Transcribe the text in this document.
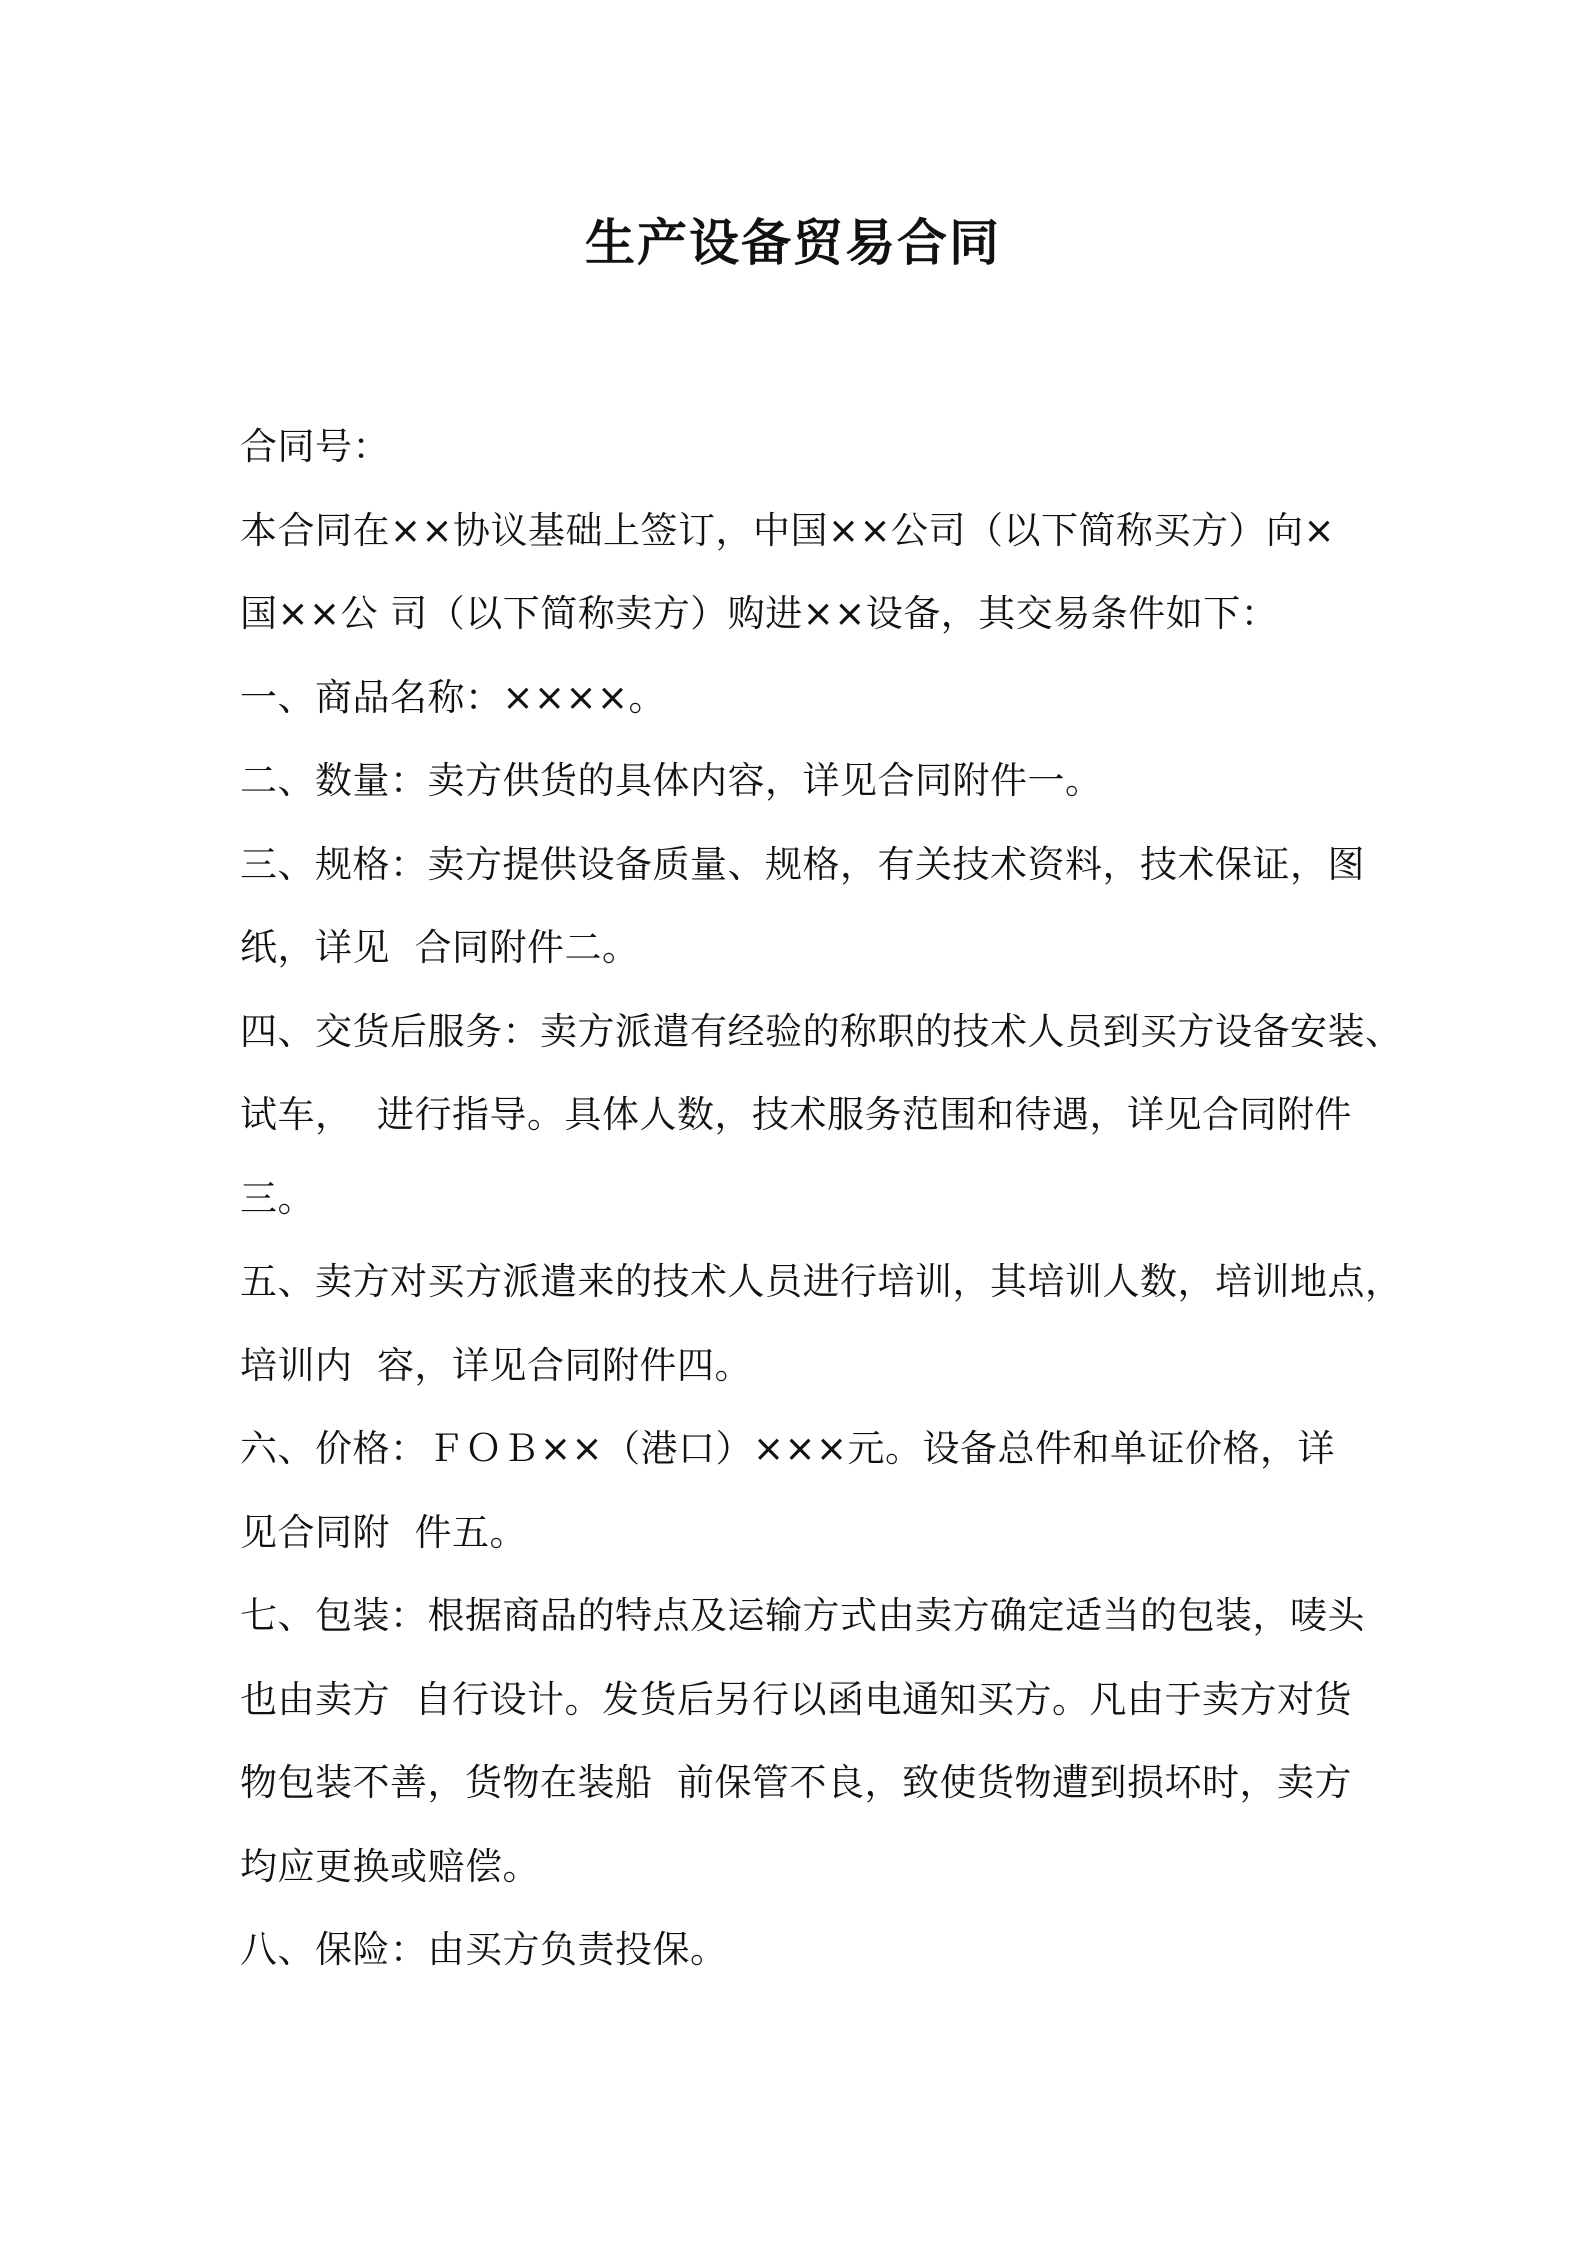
生产设备贸易合同
合同号：
本合同在××协议基础上签订，中国××公司（以下简称买方）向×
国××公 司（以下简称卖方）购进××设备，其交易条件如下：
一、商品名称：××××。
二、数量：卖方供货的具体内容，详见合同附件一。
三、规格：卖方提供设备质量、规格，有关技术资料，技术保证，图
纸，详见  合同附件二。
四、交货后服务：卖方派遣有经验的称职的技术人员到买方设备安装、
试车，  进行指导。具体人数，技术服务范围和待遇，详见合同附件
三。
五、卖方对买方派遣来的技术人员进行培训，其培训人数，培训地点，
培训内  容，详见合同附件四。
六、价格：ＦＯＢ××（港口）×××元。设备总件和单证价格，详
见合同附  件五。
七、包装：根据商品的特点及运输方式由卖方确定适当的包装，唛头
也由卖方  自行设计。发货后另行以函电通知买方。凡由于卖方对货
物包装不善，货物在装船  前保管不良，致使货物遭到损坏时，卖方
均应更换或赔偿。
八、保险：由买方负责投保。
